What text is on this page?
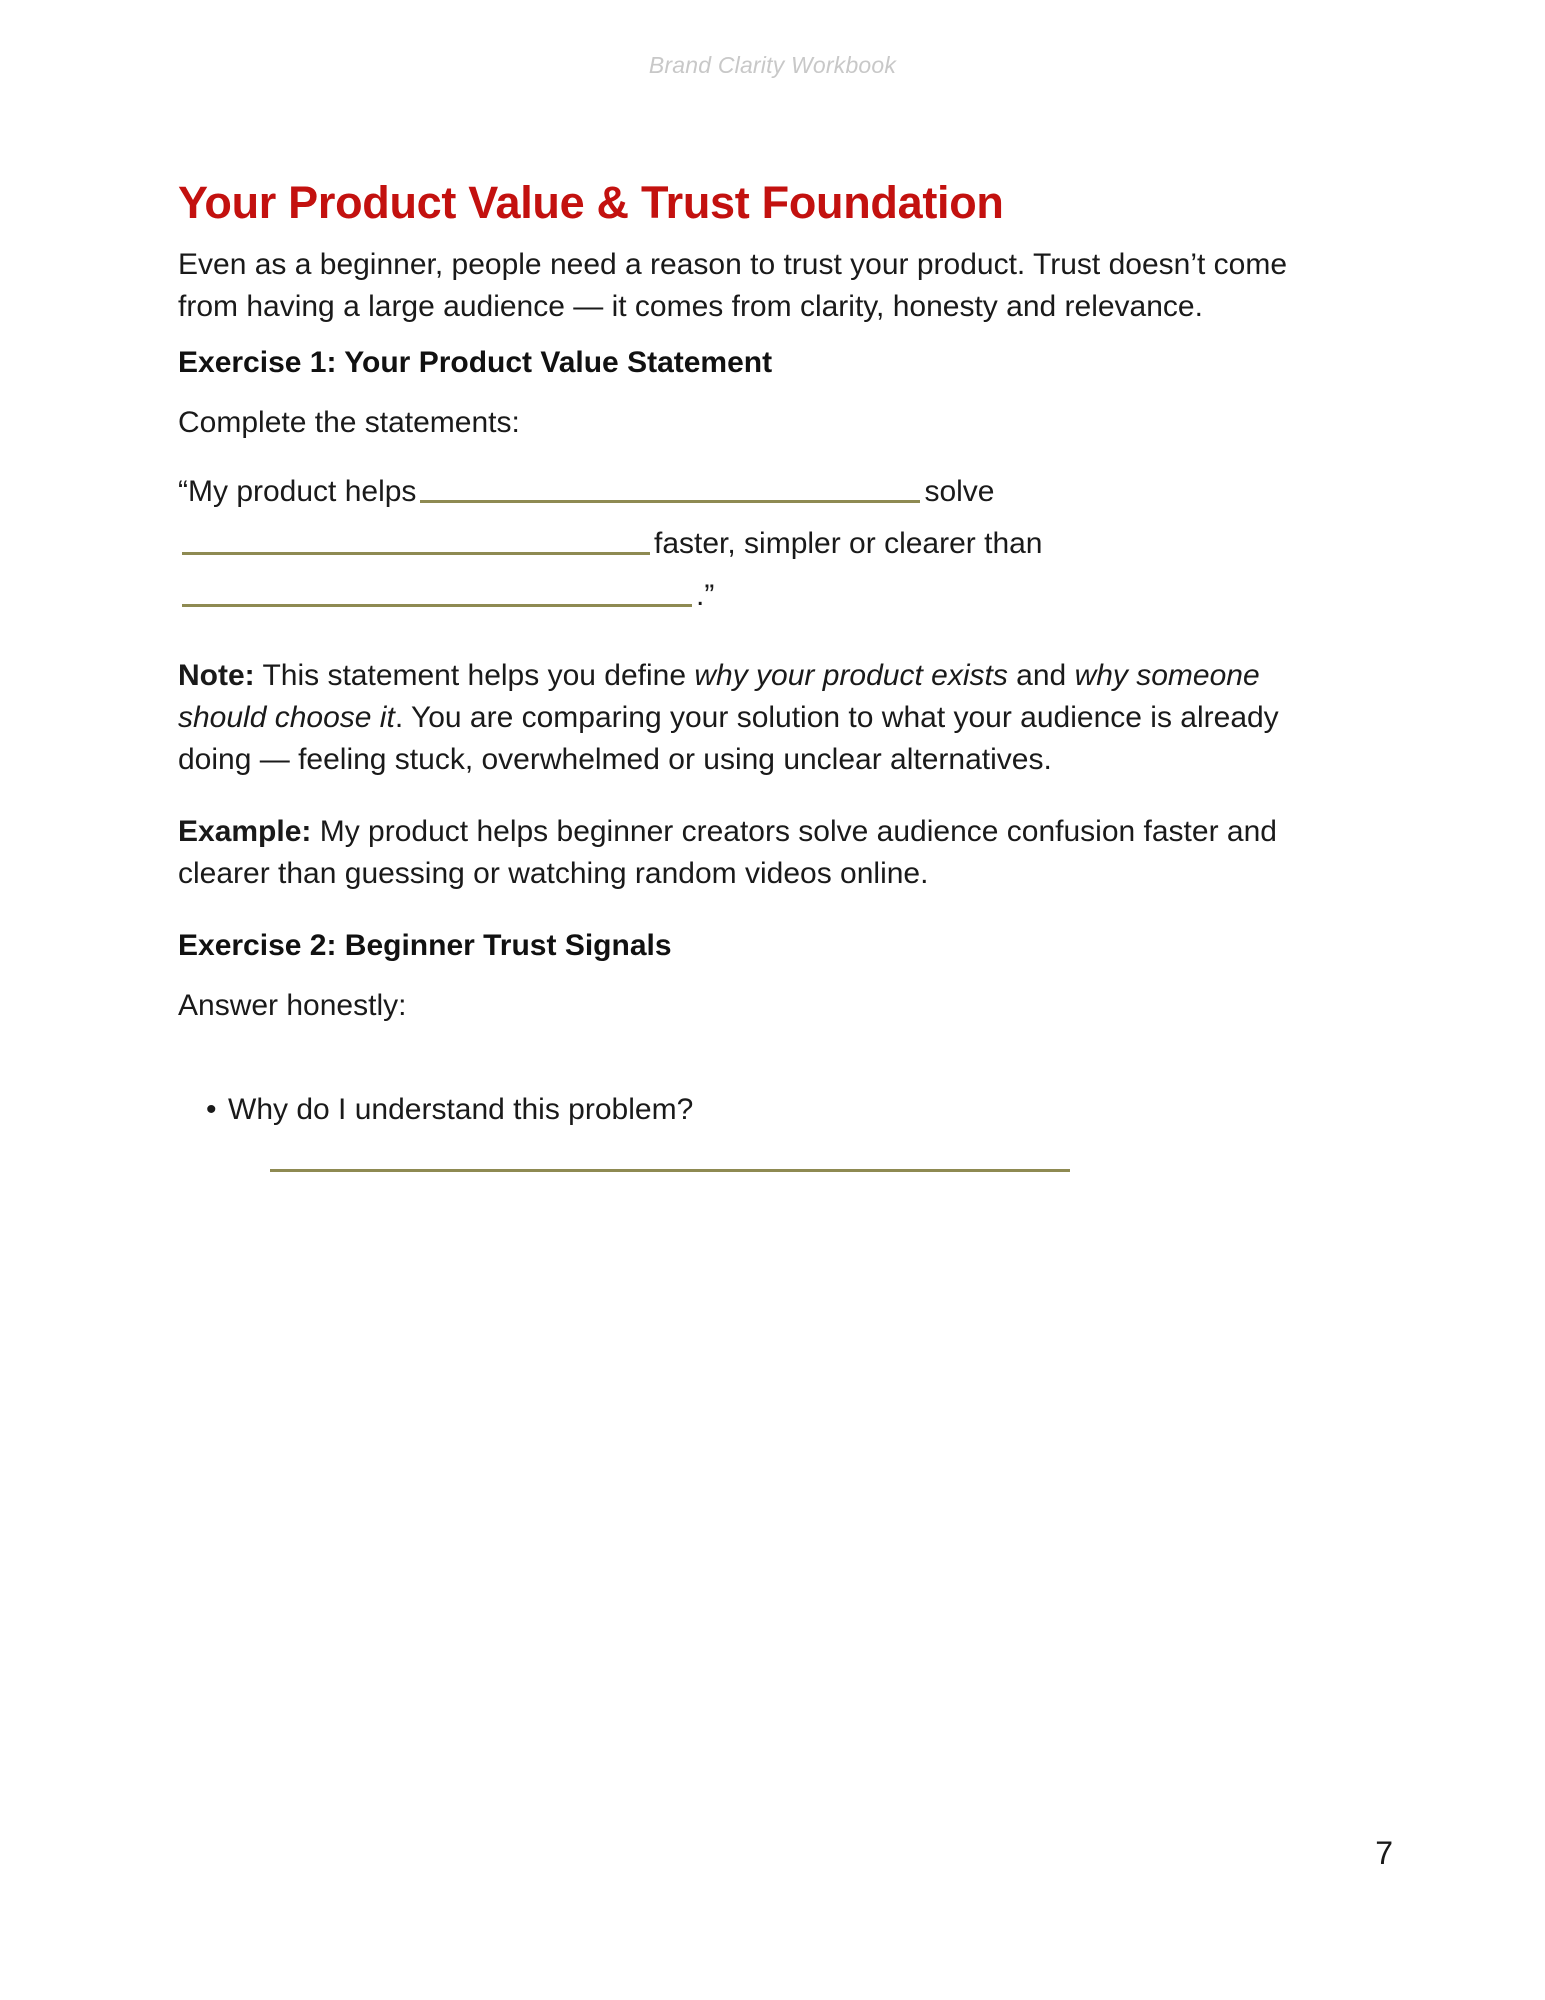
Brand Clarity Workbook
Your Product Value & Trust Foundation

Even as a beginner, people need a reason to trust your product. Trust doesn’t come from having a large audience — it comes from clarity, honesty and relevance.

Exercise 1: Your Product Value Statement

Complete the statements:

“My product helps	solvefaster, simpler or clearer than.”

Note: This statement helps you define why your product exists and why someone should choose it. You are comparing your solution to what your audience is already doing — feeling stuck, overwhelmed or using unclear alternatives.

Example: My product helps beginner creators solve audience confusion faster and clearer than guessing or watching random videos online.

Exercise 2: Beginner Trust Signals

Answer honestly:

• Why do I understand this problem?
7
